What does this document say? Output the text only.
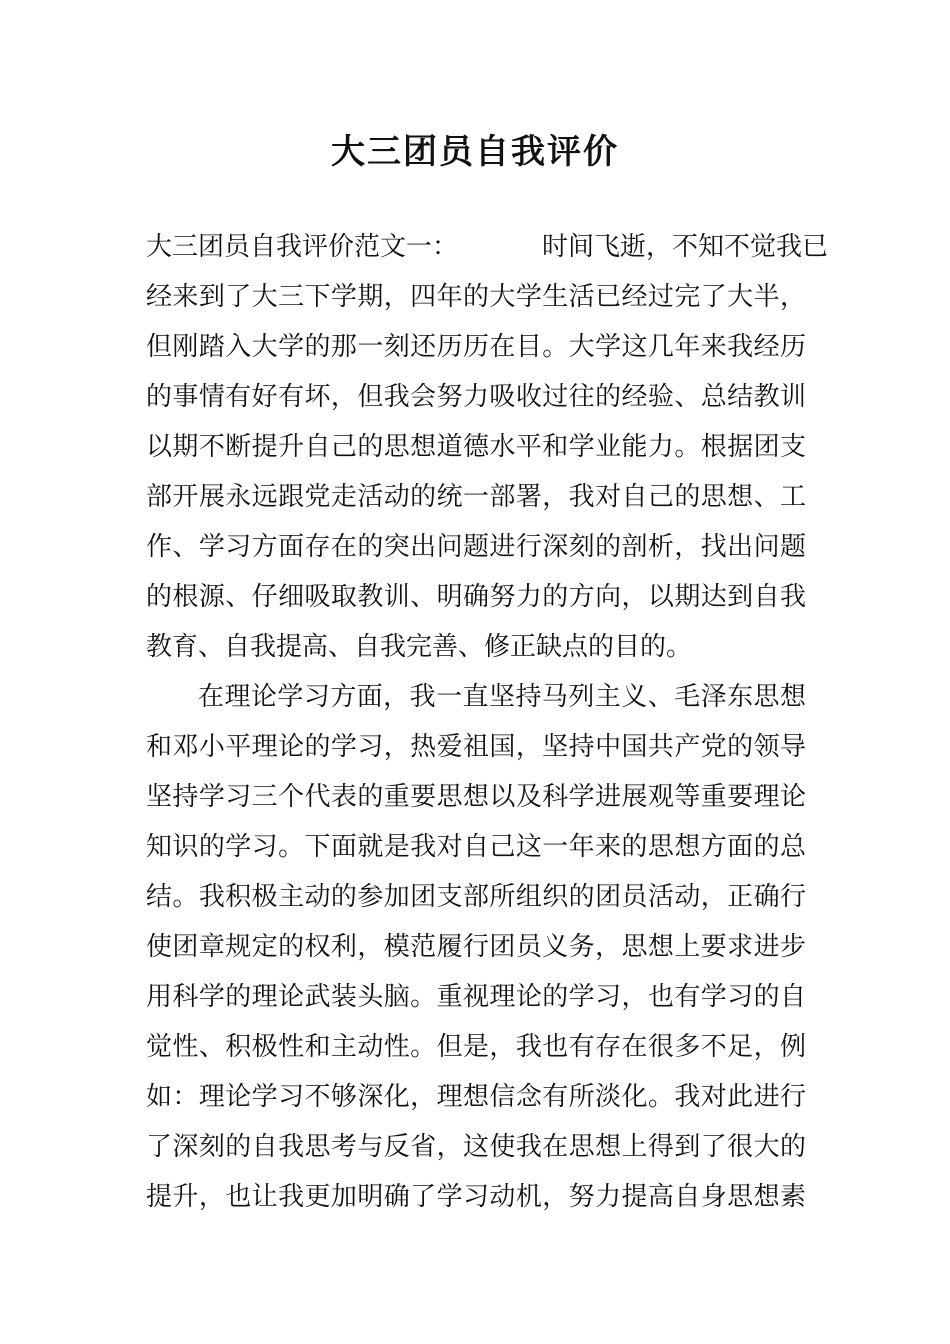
大三团员自我评价

大三团员自我评价范文一：	时间飞逝，不知不觉我已

经来到了大三下学期，四年的大学生活已经过完了大半，

但刚踏入大学的那一刻还历历在目。大学这几年来我经历

的事情有好有坏，但我会努力吸收过往的经验、总结教训

以期不断提升自己的思想道德水平和学业能力。根据团支

部开展永远跟党走活动的统一部署，我对自己的思想、工

作、学习方面存在的突出问题进行深刻的剖析，找出问题

的根源、仔细吸取教训、明确努力的方向，以期达到自我

教育、自我提高、自我完善、修正缺点的目的。

在理论学习方面，我一直坚持马列主义、毛泽东思想

和邓小平理论的学习，热爱祖国，坚持中国共产党的领导

坚持学习三个代表的重要思想以及科学进展观等重要理论

知识的学习。下面就是我对自己这一年来的思想方面的总

结。我积极主动的参加团支部所组织的团员活动，正确行

使团章规定的权利，模范履行团员义务，思想上要求进步

用科学的理论武装头脑。重视理论的学习，也有学习的自

觉性、积极性和主动性。但是，我也有存在很多不足，例

如：理论学习不够深化，理想信念有所淡化。我对此进行

了深刻的自我思考与反省，这使我在思想上得到了很大的

提升，也让我更加明确了学习动机，努力提高自身思想素
